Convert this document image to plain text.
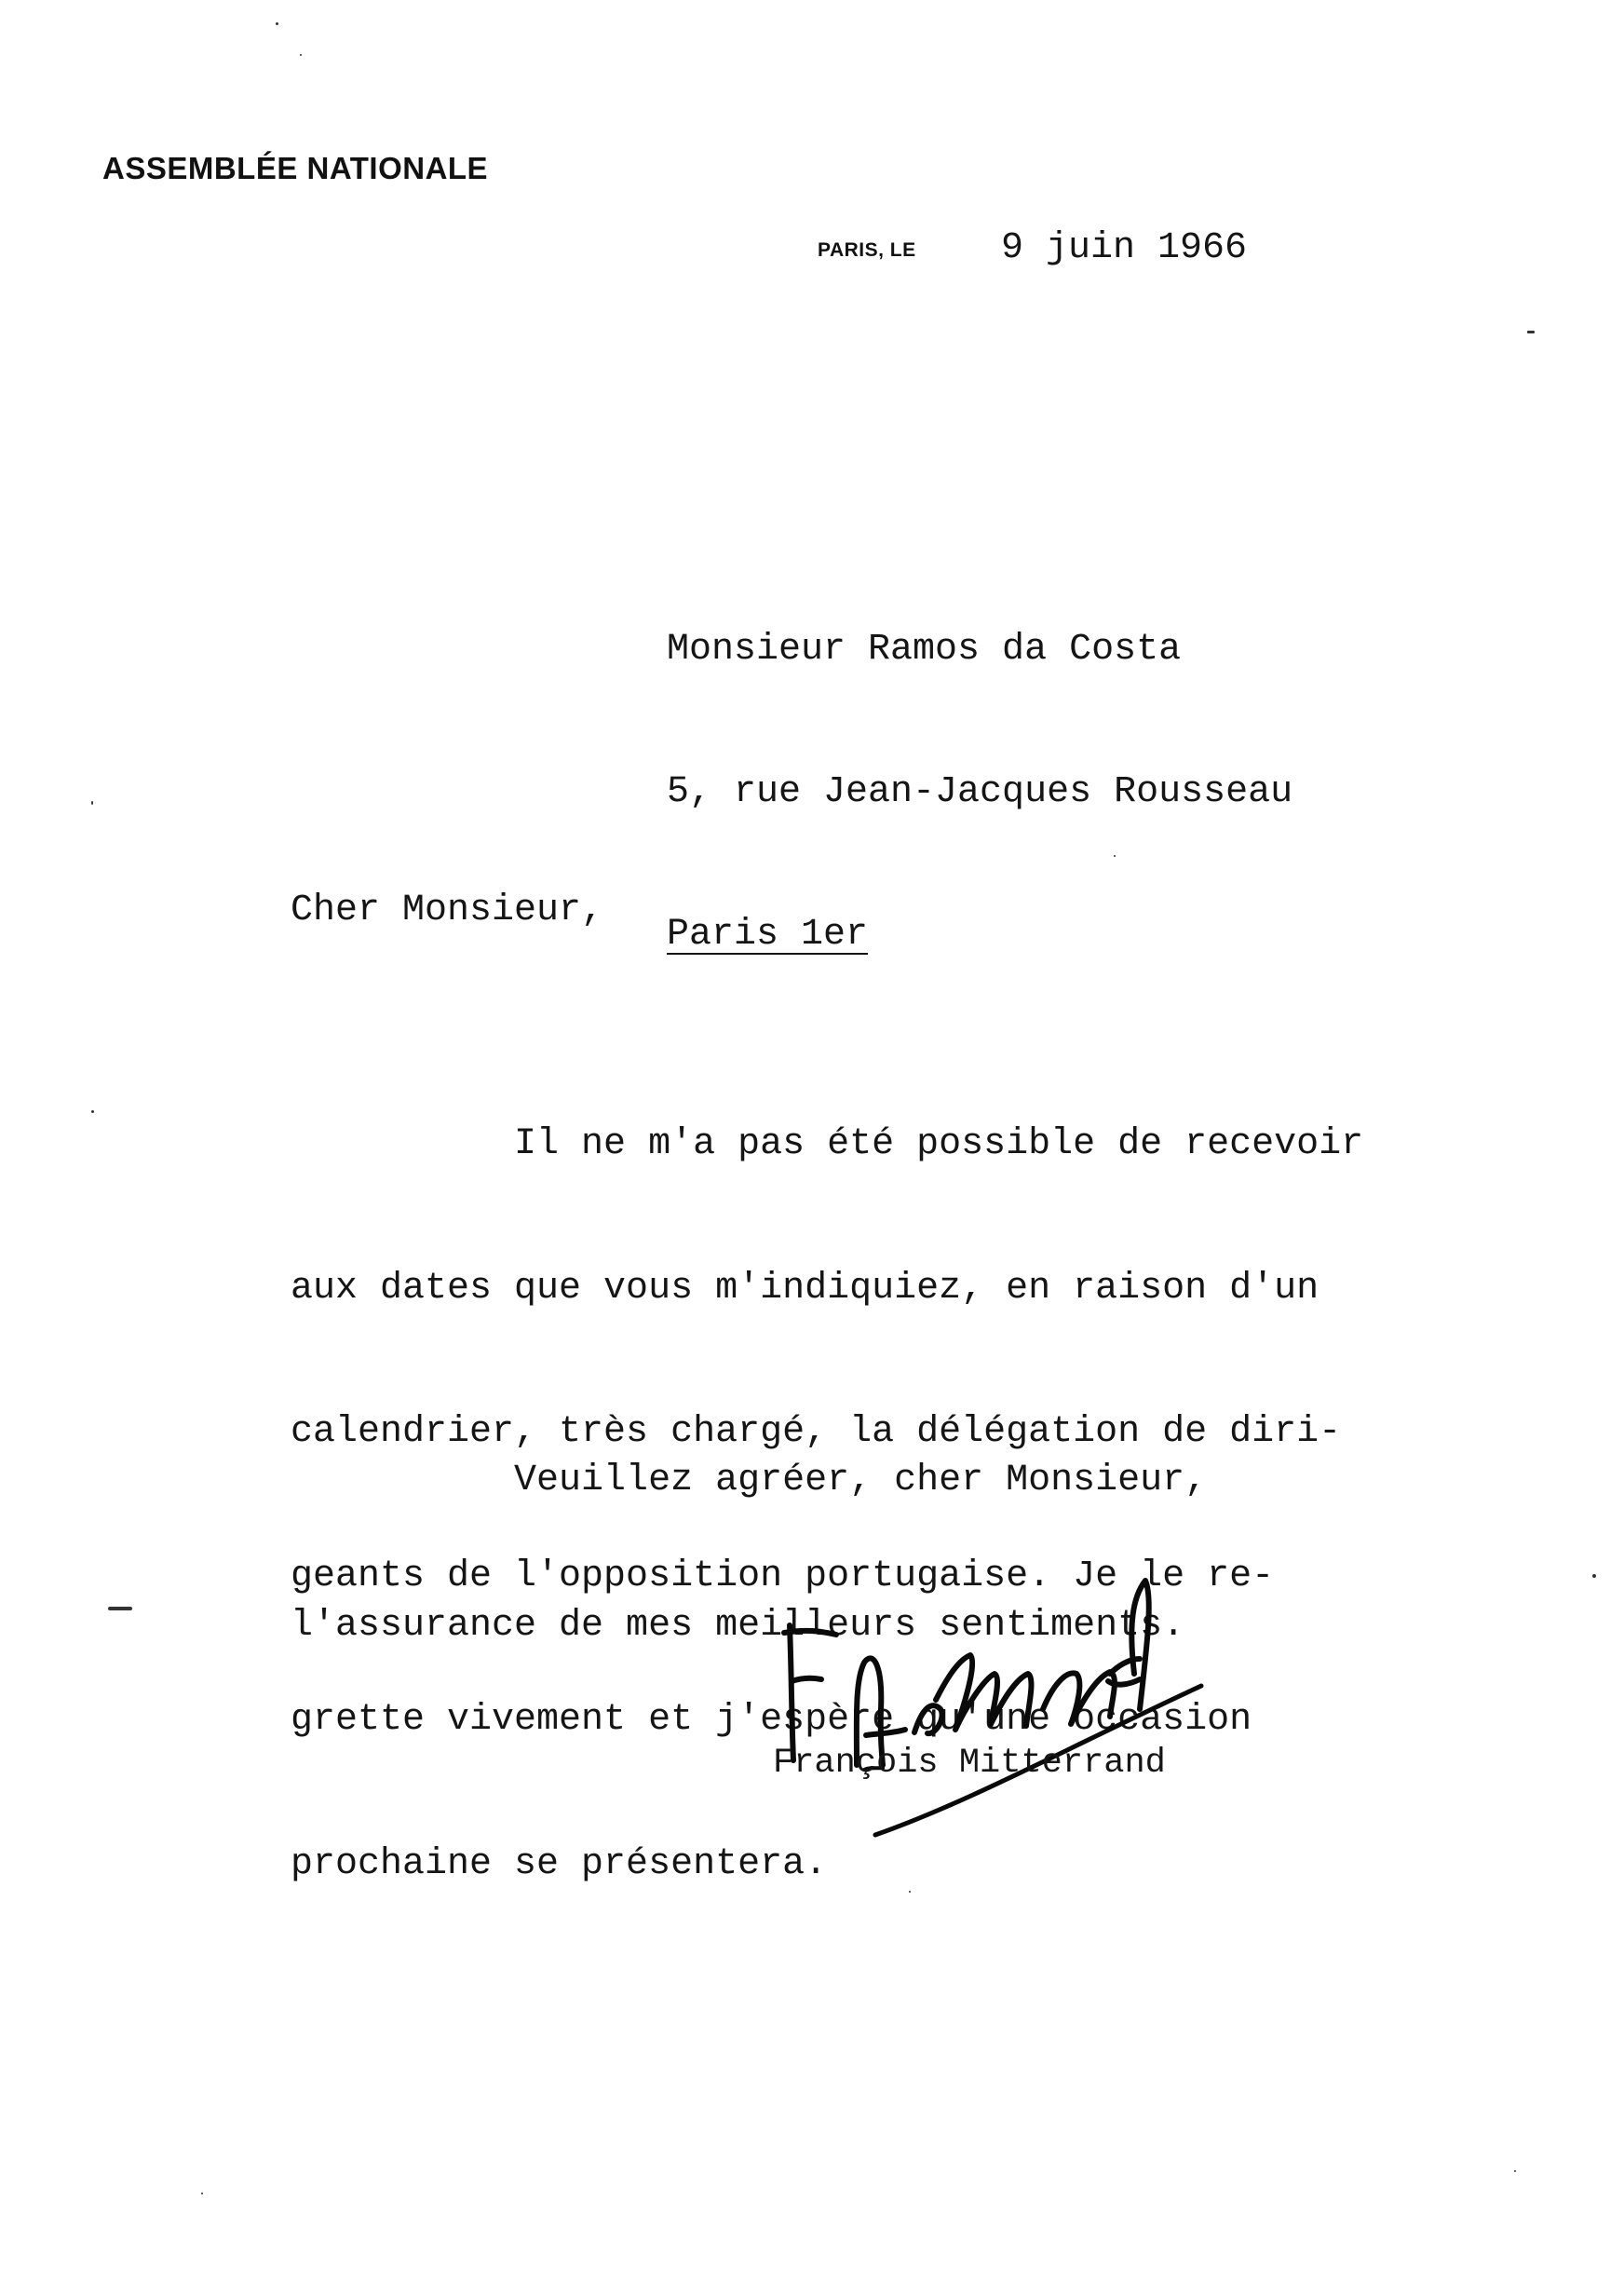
ASSEMBLÉE NATIONALE
PARIS, LE 9 juin 1966

Monsieur Ramos da Costa

5, rue Jean-Jacques Rousseau

Paris 1er

Cher Monsieur,

Il ne m'a pas été possible de recevoir

aux dates que vous m'indiquiez, en raison d'un

calendrier, très chargé, la délégation de diri-

geants de l'opposition portugaise. Je le re-

grette vivement et j'espère qu'une occasion

prochaine se présentera.

Veuillez agréer, cher Monsieur,

l'assurance de mes meilleurs sentiments.

François Mitterrand
